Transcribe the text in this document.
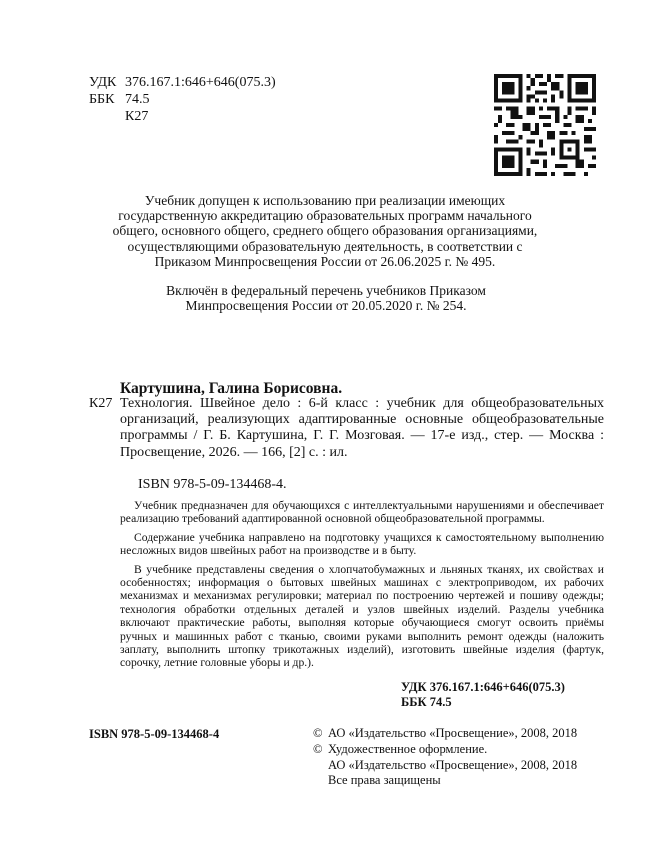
УДК 376.167.1:646+646(075.3)
ББК 74.5
К27
Учебник допущен к использованию при реализации имеющих государственную аккредитацию образовательных программ начального общего, основного общего, среднего общего образования организациями, осуществляющими образовательную деятельность, в соответствии с Приказом Минпросвещения России от 26.06.2025 г. № 495.
Включён в федеральный перечень учебников Приказом Минпросвещения России от 20.05.2020 г. № 254.
Картушина, Галина Борисовна.
К27 Технология. Швейное дело : 6-й класс : учебник для общеобразовательных организаций, реализующих адаптированные основные общеобразовательные программы / Г. Б. Картушина, Г. Г. Мозговая. — 17-е изд., стер. — Москва : Просвещение, 2026. — 166, [2] с. : ил.
ISBN 978-5-09-134468-4.

Учебник предназначен для обучающихся с интеллектуальными нарушениями и обеспечивает реализацию требований адаптированной основной общеобразовательной программы.

Содержание учебника направлено на подготовку учащихся к самостоятельному выполнению несложных видов швейных работ на производстве и в быту.

В учебнике представлены сведения о хлопчатобумажных и льняных тканях, их свойствах и особенностях; информация о бытовых швейных машинах с электроприводом, их рабочих механизмах и механизмах регулировки; материал по построению чертежей и пошиву одежды; технология обработки отдельных деталей и узлов швейных изделий. Разделы учебника включают практические работы, выполняя которые обучающиеся смогут освоить приёмы ручных и машинных работ с тканью, своими руками выполнить ремонт одежды (наложить заплату, выполнить штопку трикотажных изделий), изготовить швейные изделия (фартук, сорочку, летние головные уборы и др.).

УДК 376.167.1:646+646(075.3)
ББК 74.5
ISBN 978-5-09-134468-4	© АО «Издательство «Просвещение», 2008, 2018
© Художественное оформление.
АО «Издательство «Просвещение», 2008, 2018
Все права защищены
